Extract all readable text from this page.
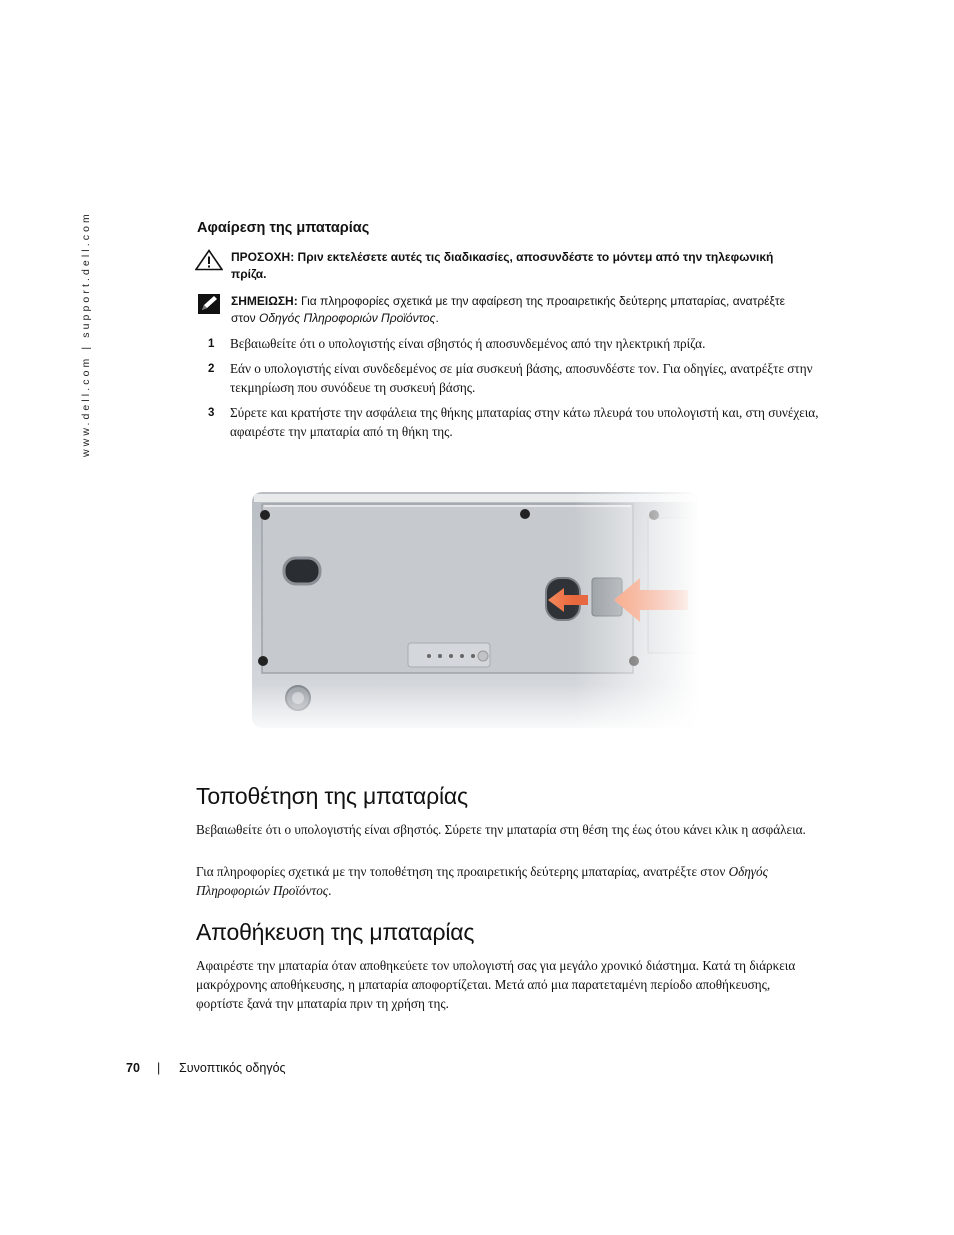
www.dell.com | support.dell.com	Αφαίρεση της μπαταρίας
ΠΡΟΣΟΧΗ: Πριν εκτελέσετε αυτές τις διαδικασίες, αποσυνδέστε το μόντεμ από την τηλεφωνική πρίζα.
ΣΗΜΕΙΩΣΗ: Για πληροφορίες σχετικά με την αφαίρεση της προαιρετικής δεύτερης μπαταρίας, ανατρέξτε στον Οδηγός Πληροφοριών Προϊόντος.
1 Βεβαιωθείτε ότι ο υπολογιστής είναι σβηστός ή αποσυνδεμένος από την ηλεκτρική πρίζα.
2 Εάν ο υπολογιστής είναι συνδεδεμένος σε μία συσκευή βάσης, αποσυνδέστε τον. Για οδηγίες, ανατρέξτε στην τεκμηρίωση που συνόδευε τη συσκευή βάσης.
3 Σύρετε και κρατήστε την ασφάλεια της θήκης μπαταρίας στην κάτω πλευρά του υπολογιστή και, στη συνέχεια, αφαιρέστε την μπαταρία από τη θήκη της.
Τοποθέτηση της μπαταρίας

Βεβαιωθείτε ότι ο υπολογιστής είναι σβηστός. Σύρετε την μπαταρία στη θέση της έως ότου κάνει κλικ η ασφάλεια.

Για πληροφορίες σχετικά με την τοποθέτηση της προαιρετικής δεύτερης μπαταρίας, ανατρέξτε στον Οδηγός Πληροφοριών Προϊόντος.

Αποθήκευση της μπαταρίας

Αφαιρέστε την μπαταρία όταν αποθηκεύετε τον υπολογιστή σας για μεγάλο χρονικό διάστημα. Κατά τη διάρκεια μακρόχρονης αποθήκευσης, η μπαταρία αποφορτίζεται. Μετά από μια παρατεταμένη περίοδο αποθήκευσης, φορτίστε ξανά την μπαταρία πριν τη χρήση της.

70 | Συνοπτικός οδηγός
